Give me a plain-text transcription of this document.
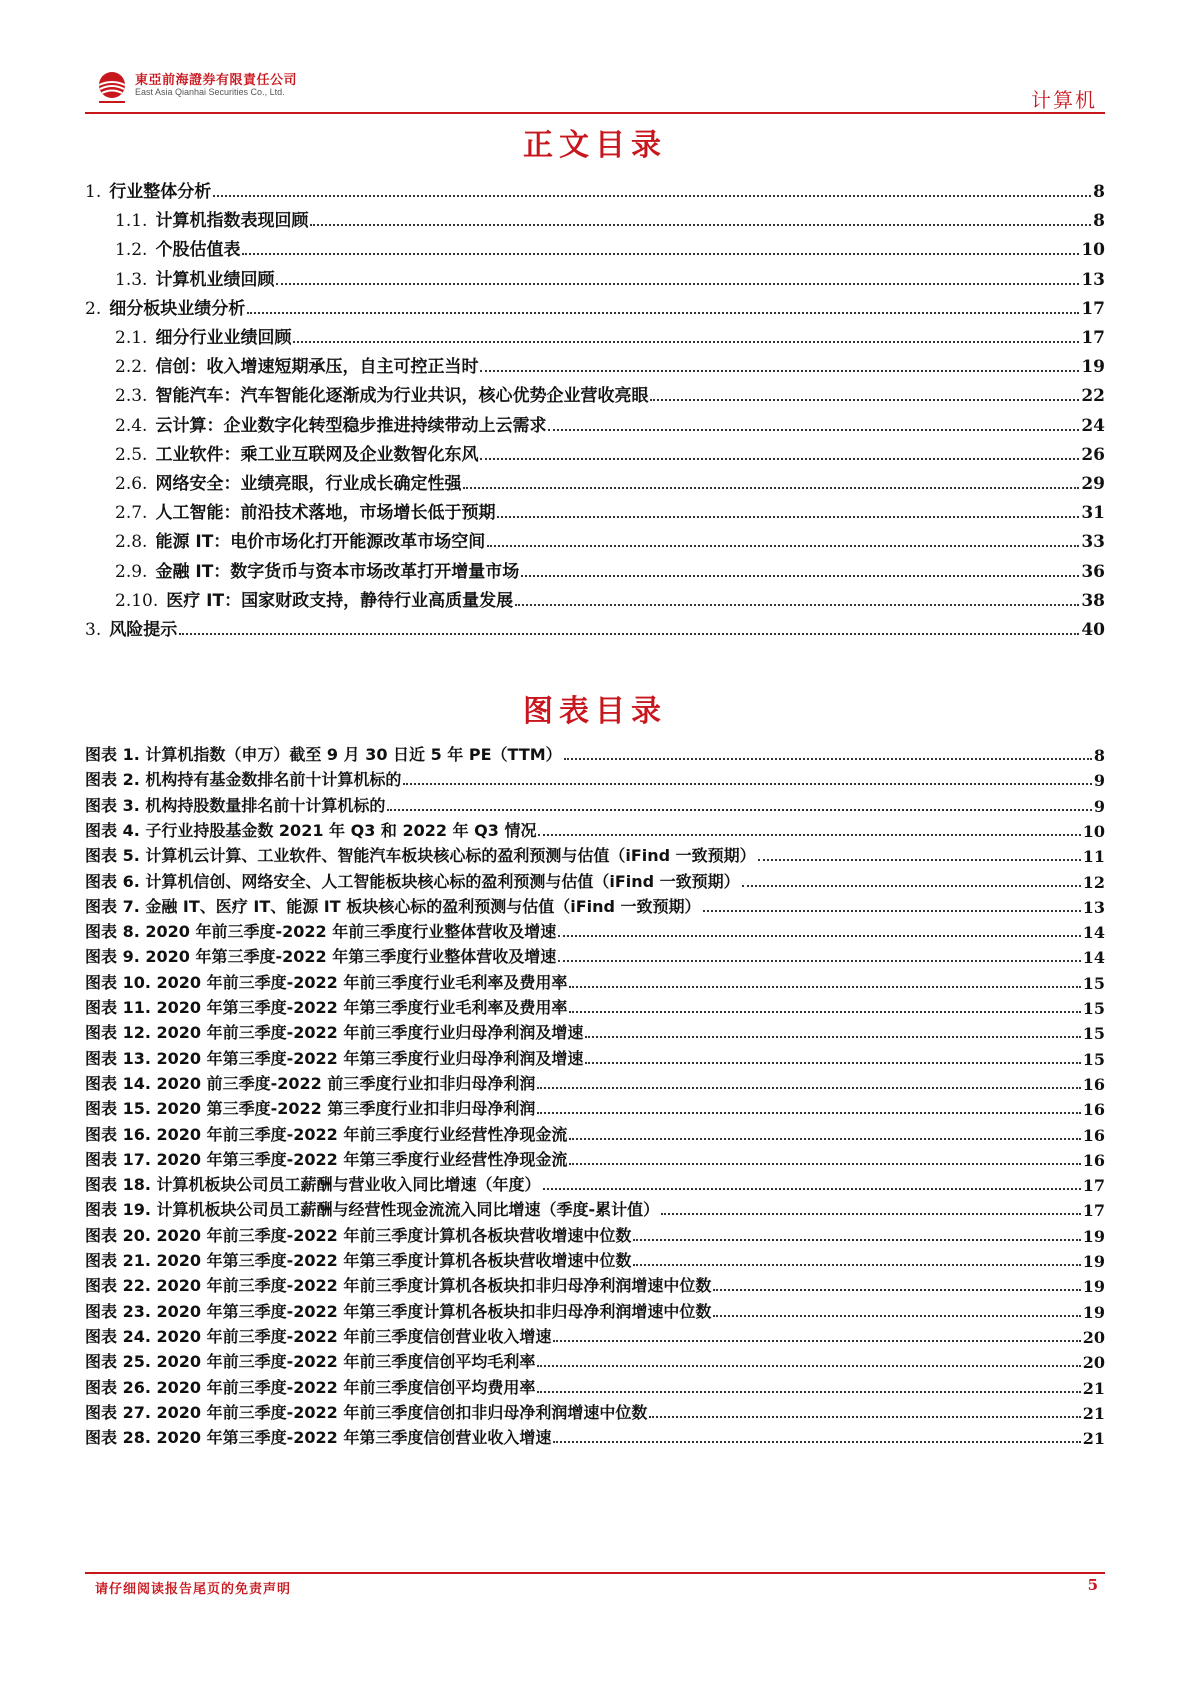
東亞前海證券有限責任公司
East Asia Qianhai Securities Co., Ltd.	计算机
正文目录
1. 行业整体分析	8
1.1. 计算机指数表现回顾	8
1.2. 个股估值表	10
1.3. 计算机业绩回顾	13
2. 细分板块业绩分析	17
2.1. 细分行业业绩回顾	17
2.2. 信创：收入增速短期承压，自主可控正当时	19
2.3. 智能汽车：汽车智能化逐渐成为行业共识，核心优势企业营收亮眼	22
2.4. 云计算：企业数字化转型稳步推进持续带动上云需求	24
2.5. 工业软件：乘工业互联网及企业数智化东风	26
2.6. 网络安全：业绩亮眼，行业成长确定性强	29
2.7. 人工智能：前沿技术落地，市场增长低于预期	31
2.8. 能源 IT：电价市场化打开能源改革市场空间	33
2.9. 金融 IT：数字货币与资本市场改革打开增量市场	36
2.10. 医疗 IT：国家财政支持，静待行业高质量发展	38
3. 风险提示	40
图表目录
图表 1. 计算机指数（申万）截至 9 月 30 日近 5 年 PE（TTM）	8
图表 2. 机构持有基金数排名前十计算机标的	9
图表 3. 机构持股数量排名前十计算机标的	9
图表 4. 子行业持股基金数 2021 年 Q3 和 2022 年 Q3 情况	10
图表 5. 计算机云计算、工业软件、智能汽车板块核心标的盈利预测与估值（iFind 一致预期）	11
图表 6. 计算机信创、网络安全、人工智能板块核心标的盈利预测与估值（iFind 一致预期）	12
图表 7. 金融 IT、医疗 IT、能源 IT 板块核心标的盈利预测与估值（iFind 一致预期）	13
图表 8. 2020 年前三季度-2022 年前三季度行业整体营收及增速	14
图表 9. 2020 年第三季度-2022 年第三季度行业整体营收及增速	14
图表 10. 2020 年前三季度-2022 年前三季度行业毛利率及费用率	15
图表 11. 2020 年第三季度-2022 年第三季度行业毛利率及费用率	15
图表 12. 2020 年前三季度-2022 年前三季度行业归母净利润及增速	15
图表 13. 2020 年第三季度-2022 年第三季度行业归母净利润及增速	15
图表 14. 2020 前三季度-2022 前三季度行业扣非归母净利润	16
图表 15. 2020 第三季度-2022 第三季度行业扣非归母净利润	16
图表 16. 2020 年前三季度-2022 年前三季度行业经营性净现金流	16
图表 17. 2020 年第三季度-2022 年第三季度行业经营性净现金流	16
图表 18. 计算机板块公司员工薪酬与营业收入同比增速（年度）	17
图表 19. 计算机板块公司员工薪酬与经营性现金流流入同比增速（季度-累计值）	17
图表 20. 2020 年前三季度-2022 年前三季度计算机各板块营收增速中位数	19
图表 21. 2020 年第三季度-2022 年第三季度计算机各板块营收增速中位数	19
图表 22. 2020 年前三季度-2022 年前三季度计算机各板块扣非归母净利润增速中位数	19
图表 23. 2020 年第三季度-2022 年第三季度计算机各板块扣非归母净利润增速中位数	19
图表 24. 2020 年前三季度-2022 年前三季度信创营业收入增速	20
图表 25. 2020 年前三季度-2022 年前三季度信创平均毛利率	20
图表 26. 2020 年前三季度-2022 年前三季度信创平均费用率	21
图表 27. 2020 年前三季度-2022 年前三季度信创扣非归母净利润增速中位数	21
图表 28. 2020 年第三季度-2022 年第三季度信创营业收入增速	21
请仔细阅读报告尾页的免责声明	5
